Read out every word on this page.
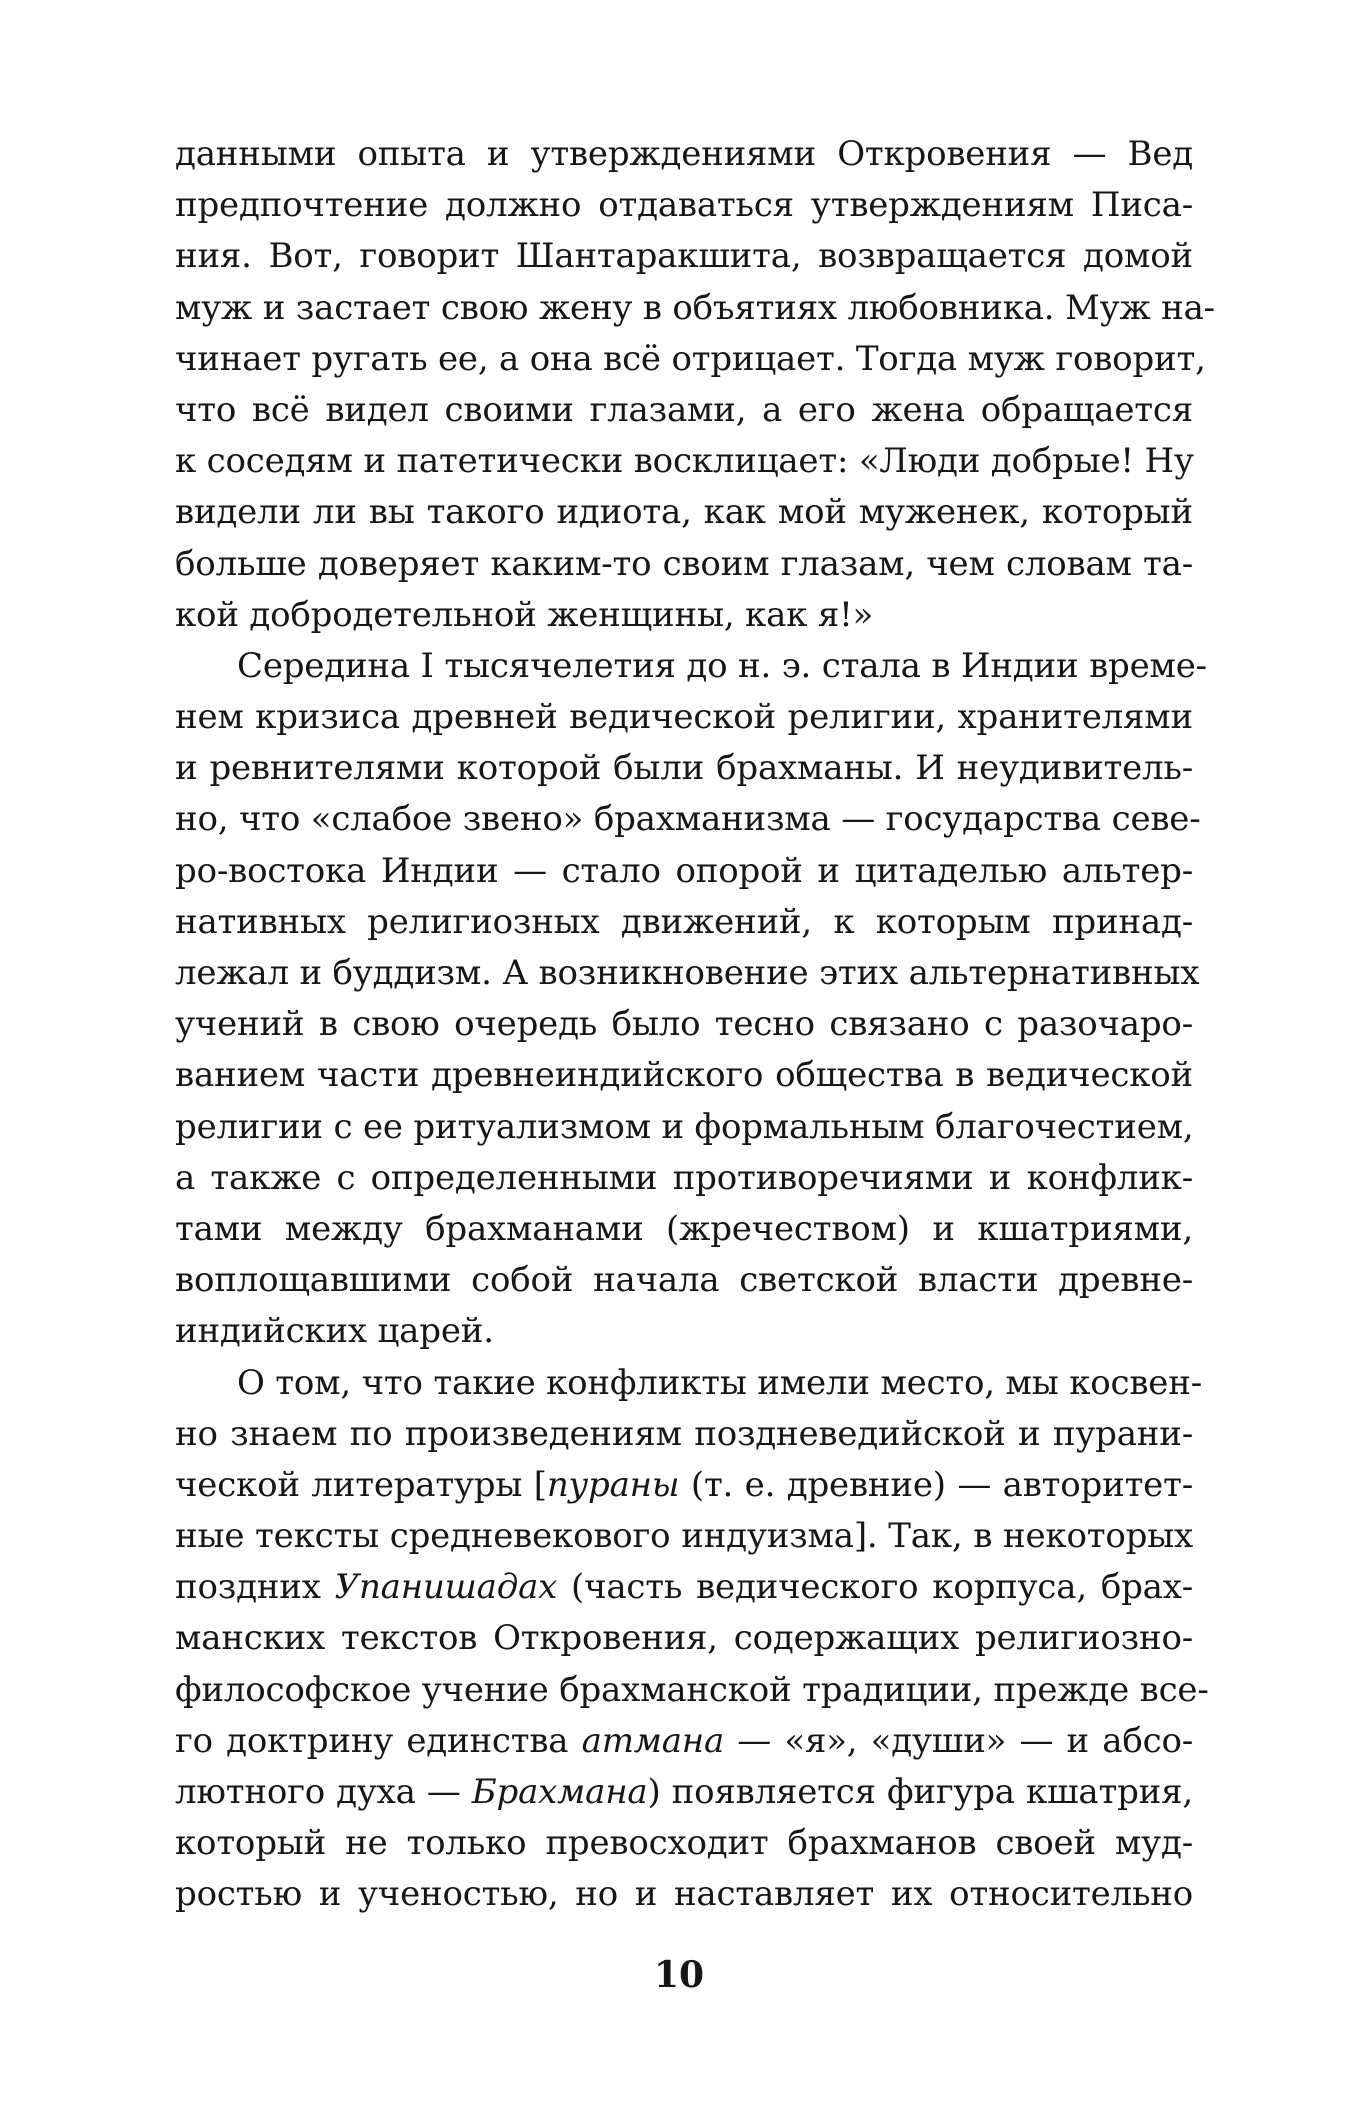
данными опыта и утверждениями Откровения — Вед
предпочтение должно отдаваться утверждениям Писа-
ния. Вот, говорит Шантаракшита, возвращается домой
муж и застает свою жену в объятиях любовника. Муж на-
чинает ругать ее, а она всё отрицает. Тогда муж говорит,
что всё видел своими глазами, а его жена обращается
к соседям и патетически восклицает: «Люди добрые! Ну
видели ли вы такого идиота, как мой муженек, который
больше доверяет каким-то своим глазам, чем словам та-
кой добродетельной женщины, как я!»
Середина I тысячелетия до н. э. стала в Индии време-
нем кризиса древней ведической религии, хранителями
и ревнителями которой были брахманы. И неудивитель-
но, что «слабое звено» брахманизма — государства севе-
ро-востока Индии — стало опорой и цитаделью альтер-
нативных религиозных движений, к которым принад-
лежал и буддизм. А возникновение этих альтернативных
учений в свою очередь было тесно связано с разочаро-
ванием части древнеиндийского общества в ведической
религии с ее ритуализмом и формальным благочестием,
а также с определенными противоречиями и конфлик-
тами между брахманами (жречеством) и кшатриями,
воплощавшими собой начала светской власти древне-
индийских царей.
О том, что такие конфликты имели место, мы косвен-
но знаем по произведениям поздневедийской и пурани-
ческой литературы [пураны (т. е. древние) — авторитет-
ные тексты средневекового индуизма]. Так, в некоторых
поздних Упанишадах (часть ведического корпуса, брах-
манских текстов Откровения, содержащих религиозно-
философское учение брахманской традиции, прежде все-
го доктрину единства атмана — «я», «души» — и абсо-
лютного духа — Брахмана) появляется фигура кшатрия,
который не только превосходит брахманов своей муд-
ростью и ученостью, но и наставляет их относительно
10
